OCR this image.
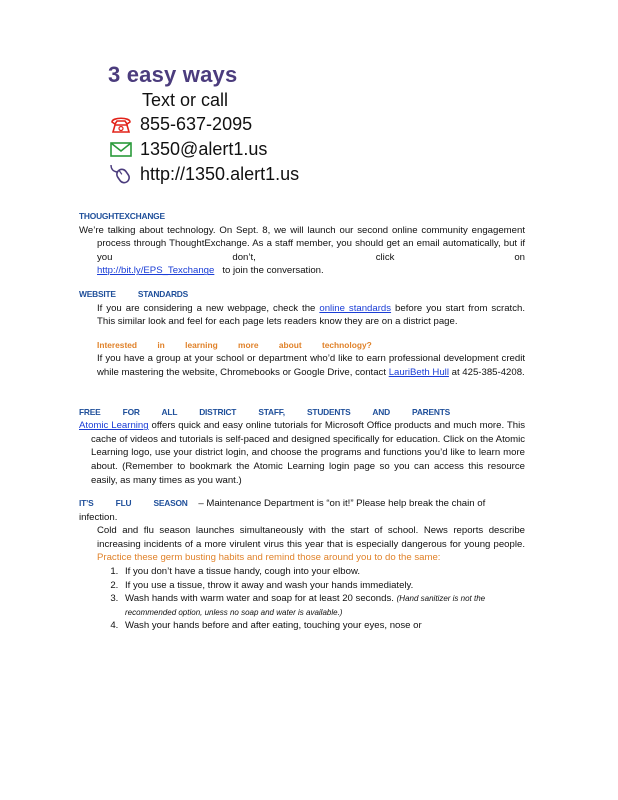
3 easy ways
Text or call
855-637-2095
1350@alert1.us
http://1350.alert1.us

THOUGHTEXCHANGE

We’re talking about technology. On Sept. 8, we will launch our second online community engagement process through ThoughtExchange. As a staff member, you should get an email automatically, but if you don’t, click on

http://bit.ly/EPS_Texchange to join the conversation.

WEBSITE STANDARDS

If you are considering a new webpage, check the online standards before you start from scratch. This similar look and feel for each page lets readers know they are on a district page.

Interested in learning more about technology?

If you have a group at your school or department who’d like to earn professional development credit while mastering the website, Chromebooks or Google Drive, contact LauriBeth Hull at 425-385-4208.

FREE FOR ALL DISTRICT STAFF, STUDENTS AND PARENTS

Atomic Learning offers quick and easy online tutorials for Microsoft Office products and much more. This cache of videos and tutorials is self-paced and designed specifically for education. Click on the Atomic Learning logo, use your district login, and choose the programs and functions you’d like to learn more about. (Remember to bookmark the Atomic Learning login page so you can access this resource easily, as many times as you want.)

IT’S FLU SEASON – Maintenance Department is “on it!” Please help break the chain of infection.

Cold and flu season launches simultaneously with the start of school. News reports describe increasing incidents of a more virulent virus this year that is especially dangerous for young people. Practice these germ busting habits and remind those around you to do the same:

1. If you don’t have a tissue handy, cough into your elbow.
2. If you use a tissue, throw it away and wash your hands immediately.
3. Wash hands with warm water and soap for at least 20 seconds. (Hand sanitizer is not the recommended option, unless no soap and water is available.)
4. Wash your hands before and after eating, touching your eyes, nose or
